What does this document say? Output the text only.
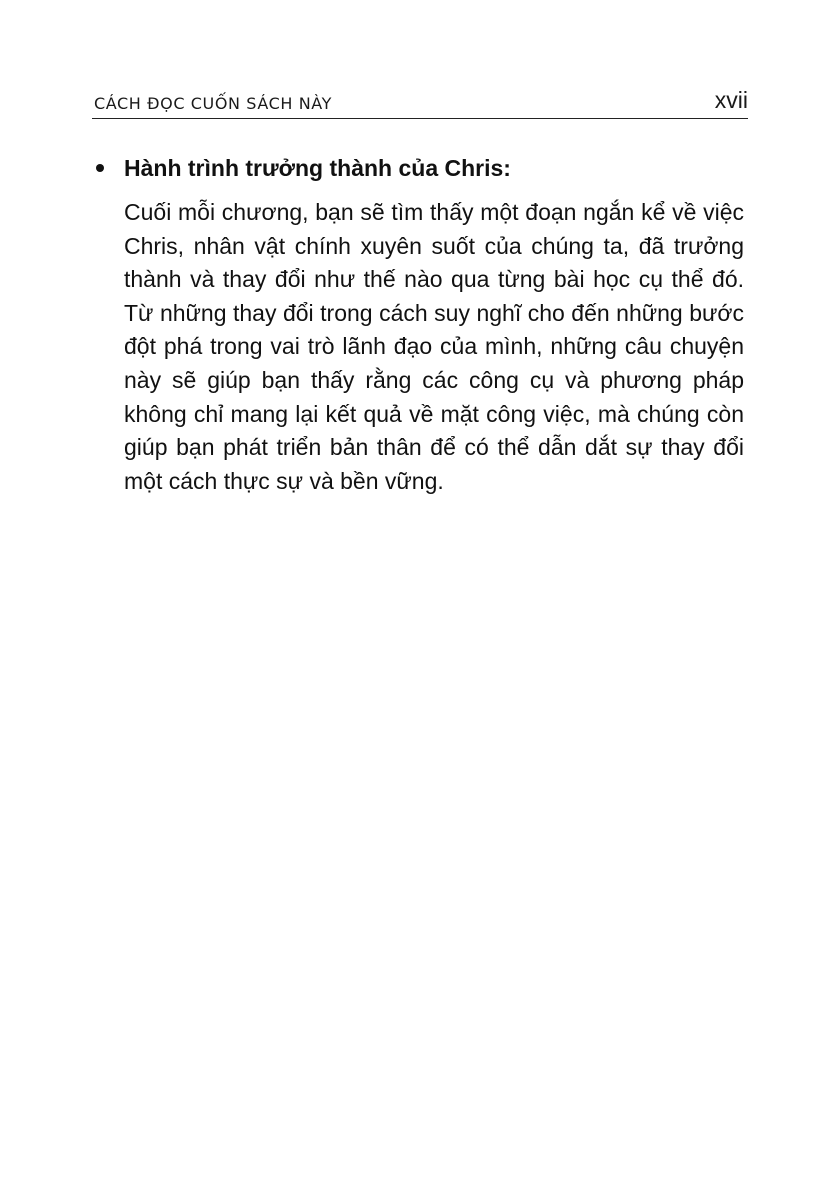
CÁCH ĐỌC CUỐN SÁCH NÀY	xvii
Hành trình trưởng thành của Chris:

Cuối mỗi chương, bạn sẽ tìm thấy một đoạn ngắn kể về việc Chris, nhân vật chính xuyên suốt của chúng ta, đã trưởng thành và thay đổi như thế nào qua từng bài học cụ thể đó. Từ những thay đổi trong cách suy nghĩ cho đến những bước đột phá trong vai trò lãnh đạo của mình, những câu chuyện này sẽ giúp bạn thấy rằng các công cụ và phương pháp không chỉ mang lại kết quả về mặt công việc, mà chúng còn giúp bạn phát triển bản thân để có thể dẫn dắt sự thay đổi một cách thực sự và bền vững.
